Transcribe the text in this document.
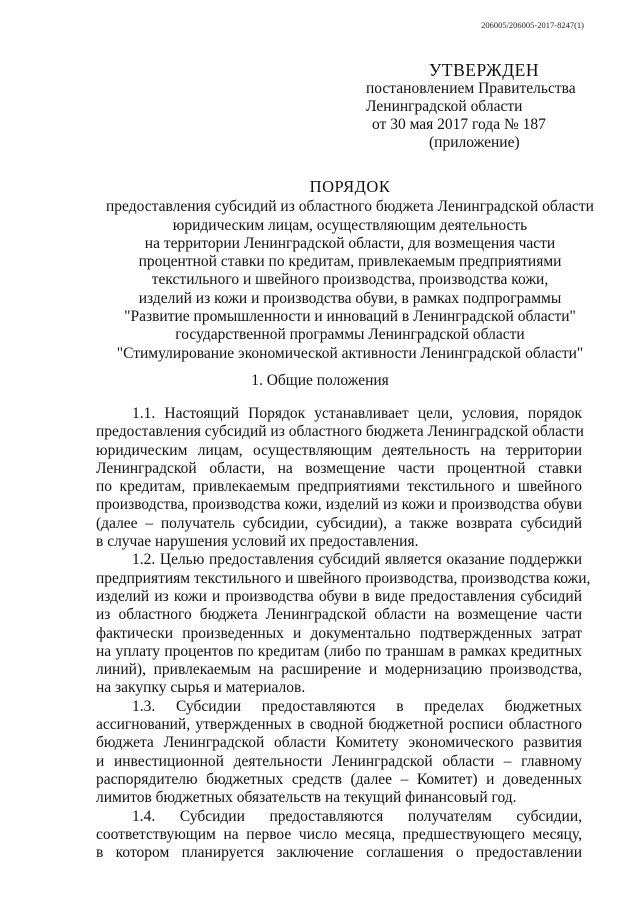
206005/206005-2017-8247(1)
УТВЕРЖДЕН
постановлением Правительства
Ленинградской области
от 30 мая 2017 года № 187
(приложение)
ПОРЯДОК
предоставления субсидий из областного бюджета Ленинградской области
юридическим лицам, осуществляющим деятельность
на территории Ленинградской области, для возмещения части
процентной ставки по кредитам, привлекаемым предприятиями
текстильного и швейного производства, производства кожи,
изделий из кожи и производства обуви, в рамках подпрограммы
"Развитие промышленности и инноваций в Ленинградской области"
государственной программы Ленинградской области
"Стимулирование экономической активности Ленинградской области"
1. Общие положения
1.1. Настоящий Порядок устанавливает цели, условия, порядок
предоставления субсидий из областного бюджета Ленинградской области
юридическим лицам, осуществляющим деятельность на территории
Ленинградской области, на возмещение части процентной ставки
по кредитам, привлекаемым предприятиями текстильного и швейного
производства, производства кожи, изделий из кожи и производства обуви
(далее – получатель субсидии, субсидии), а также возврата субсидий
в случае нарушения условий их предоставления.
1.2. Целью предоставления субсидий является оказание поддержки
предприятиям текстильного и швейного производства, производства кожи,
изделий из кожи и производства обуви в виде предоставления субсидий
из областного бюджета Ленинградской области на возмещение части
фактически произведенных и документально подтвержденных затрат
на уплату процентов по кредитам (либо по траншам в рамках кредитных
линий), привлекаемым на расширение и модернизацию производства,
на закупку сырья и материалов.
1.3. Субсидии предоставляются в пределах бюджетных
ассигнований, утвержденных в сводной бюджетной росписи областного
бюджета Ленинградской области Комитету экономического развития
и инвестиционной деятельности Ленинградской области – главному
распорядителю бюджетных средств (далее – Комитет) и доведенных
лимитов бюджетных обязательств на текущий финансовый год.
1.4. Субсидии предоставляются получателям субсидии,
соответствующим на первое число месяца, предшествующего месяцу,
в котором планируется заключение соглашения о предоставлении
